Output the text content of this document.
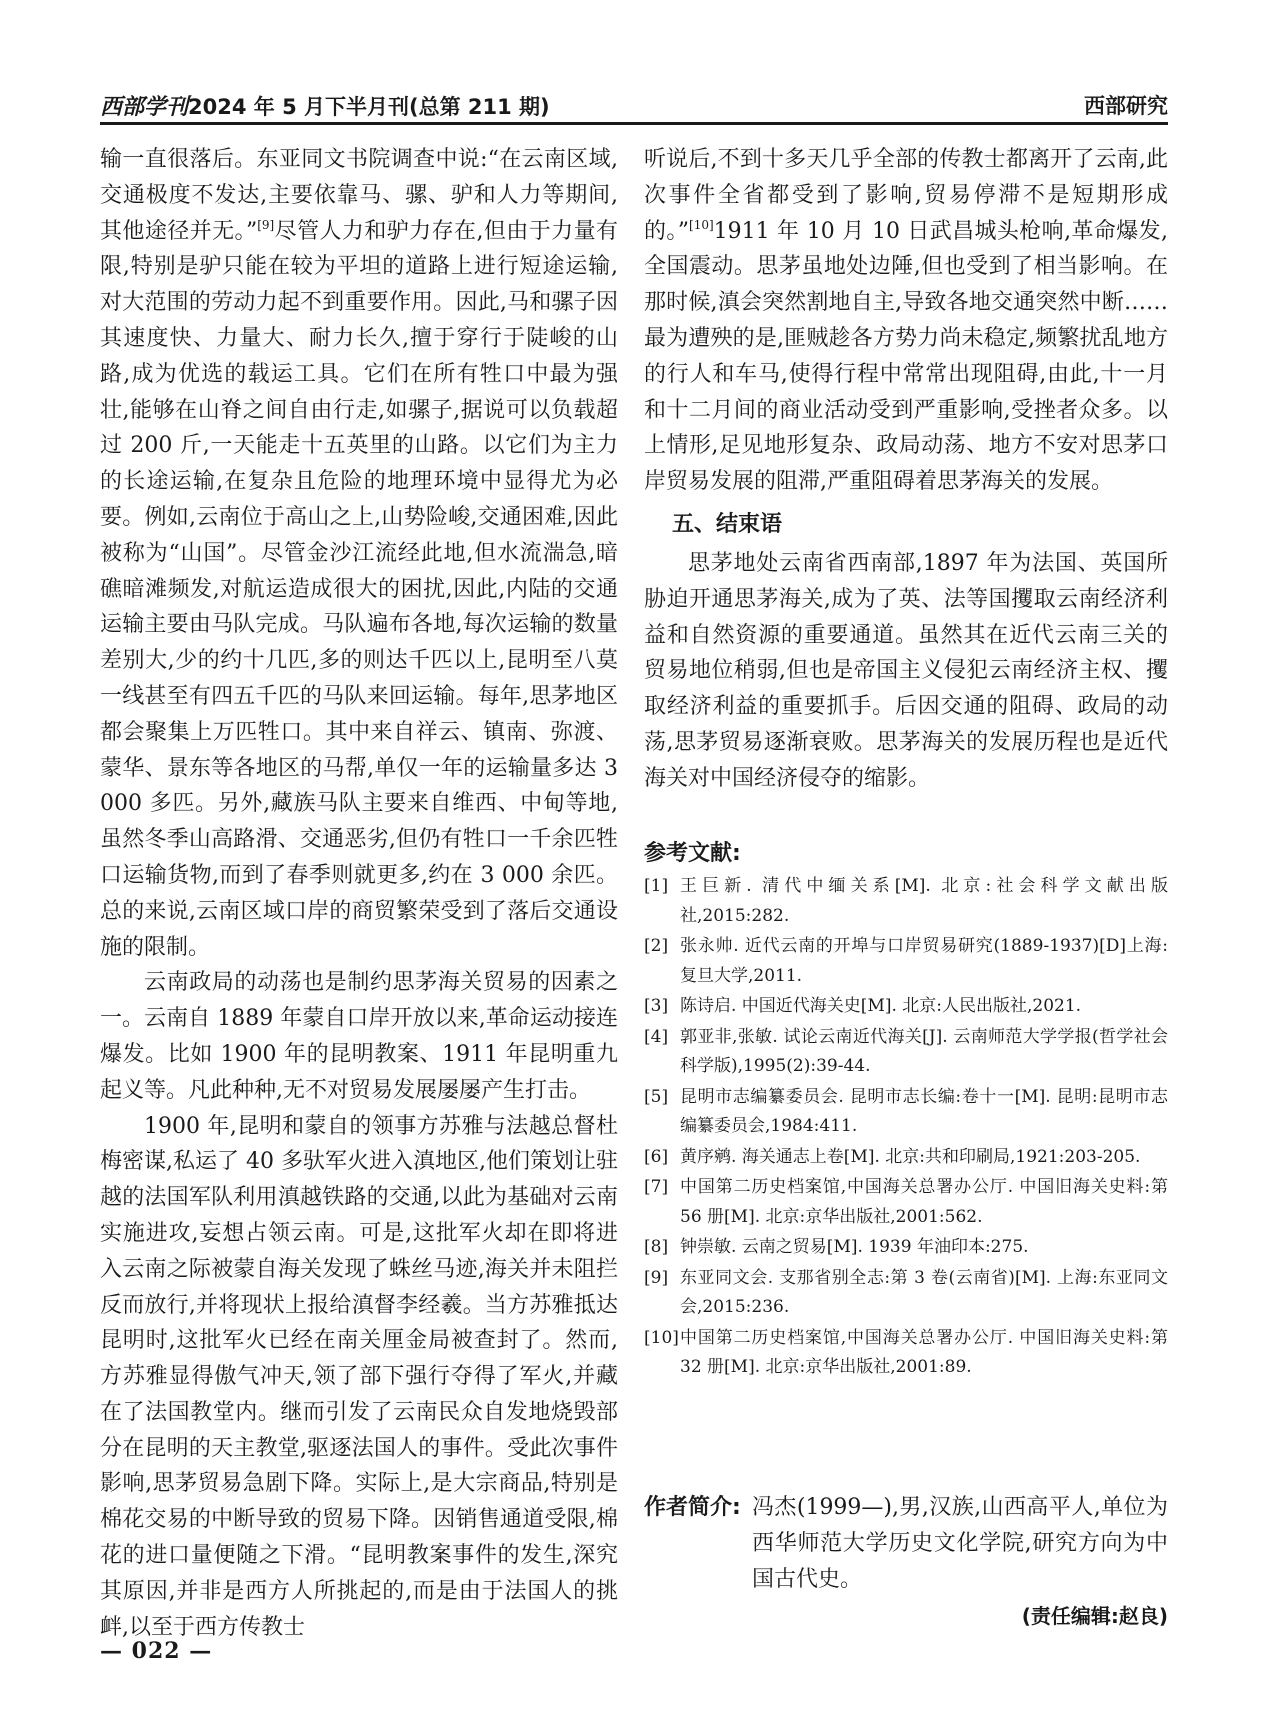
西部学刊2024 年 5 月下半月刊(总第 211 期)	西部研究

输一直很落后。东亚同文书院调查中说:“在云南区域,交通极度不发达,主要依靠马、骡、驴和人力等期间,其他途径并无。”[9]尽管人力和驴力存在,但由于力量有限,特别是驴只能在较为平坦的道路上进行短途运输,对大范围的劳动力起不到重要作用。因此,马和骡子因其速度快、力量大、耐力长久,擅于穿行于陡峻的山路,成为优选的载运工具。它们在所有牲口中最为强壮,能够在山脊之间自由行走,如骡子,据说可以负载超过 200 斤,一天能走十五英里的山路。以它们为主力的长途运输,在复杂且危险的地理环境中显得尤为必要。例如,云南位于高山之上,山势险峻,交通困难,因此被称为“山国”。尽管金沙江流经此地,但水流湍急,暗礁暗滩频发,对航运造成很大的困扰,因此,内陆的交通运输主要由马队完成。马队遍布各地,每次运输的数量差别大,少的约十几匹,多的则达千匹以上,昆明至八莫一线甚至有四五千匹的马队来回运输。每年,思茅地区都会聚集上万匹牲口。其中来自祥云、镇南、弥渡、蒙华、景东等各地区的马帮,单仅一年的运输量多达 3 000 多匹。另外,藏族马队主要来自维西、中甸等地,虽然冬季山高路滑、交通恶劣,但仍有牲口一千余匹牲口运输货物,而到了春季则就更多,约在 3 000 余匹。总的来说,云南区域口岸的商贸繁荣受到了落后交通设施的限制。

云南政局的动荡也是制约思茅海关贸易的因素之一。云南自 1889 年蒙自口岸开放以来,革命运动接连爆发。比如 1900 年的昆明教案、1911 年昆明重九起义等。凡此种种,无不对贸易发展屡屡产生打击。

1900 年,昆明和蒙自的领事方苏雅与法越总督杜梅密谋,私运了 40 多驮军火进入滇地区,他们策划让驻越的法国军队利用滇越铁路的交通,以此为基础对云南实施进攻,妄想占领云南。可是,这批军火却在即将进入云南之际被蒙自海关发现了蛛丝马迹,海关并未阻拦反而放行,并将现状上报给滇督李经羲。当方苏雅抵达昆明时,这批军火已经在南关厘金局被查封了。然而,方苏雅显得傲气冲天,领了部下强行夺得了军火,并藏在了法国教堂内。继而引发了云南民众自发地烧毁部分在昆明的天主教堂,驱逐法国人的事件。受此次事件影响,思茅贸易急剧下降。实际上,是大宗商品,特别是棉花交易的中断导致的贸易下降。因销售通道受限,棉花的进口量便随之下滑。“昆明教案事件的发生,深究其原因,并非是西方人所挑起的,而是由于法国人的挑衅,以至于西方传教士

听说后,不到十多天几乎全部的传教士都离开了云南,此次事件全省都受到了影响,贸易停滞不是短期形成的。”[10]1911 年 10 月 10 日武昌城头枪响,革命爆发,全国震动。思茅虽地处边陲,但也受到了相当影响。在那时候,滇会突然割地自主,导致各地交通突然中断……最为遭殃的是,匪贼趁各方势力尚未稳定,频繁扰乱地方的行人和车马,使得行程中常常出现阻碍,由此,十一月和十二月间的商业活动受到严重影响,受挫者众多。以上情形,足见地形复杂、政局动荡、地方不安对思茅口岸贸易发展的阻滞,严重阻碍着思茅海关的发展。

五、结束语

思茅地处云南省西南部,1897 年为法国、英国所胁迫开通思茅海关,成为了英、法等国攫取云南经济利益和自然资源的重要通道。虽然其在近代云南三关的贸易地位稍弱,但也是帝国主义侵犯云南经济主权、攫取经济利益的重要抓手。后因交通的阻碍、政局的动荡,思茅贸易逐渐衰败。思茅海关的发展历程也是近代海关对中国经济侵夺的缩影。

参考文献:
[1] 王巨新. 清代中缅关系[M]. 北京:社会科学文献出版社,2015:282.
[2] 张永帅. 近代云南的开埠与口岸贸易研究(1889-1937)[D]上海:复旦大学,2011.
[3] 陈诗启. 中国近代海关史[M]. 北京:人民出版社,2021.
[4] 郭亚非,张敏. 试论云南近代海关[J]. 云南师范大学学报(哲学社会科学版),1995(2):39-44.
[5] 昆明市志编纂委员会. 昆明市志长编:卷十一[M]. 昆明:昆明市志编纂委员会,1984:411.
[6] 黄序鹓. 海关通志上卷[M]. 北京:共和印刷局,1921:203-205.
[7] 中国第二历史档案馆,中国海关总署办公厅. 中国旧海关史料:第 56 册[M]. 北京:京华出版社,2001:562.
[8] 钟崇敏. 云南之贸易[M]. 1939 年油印本:275.
[9] 东亚同文会. 支那省别全志:第 3 卷(云南省)[M]. 上海:东亚同文会,2015:236.
[10] 中国第二历史档案馆,中国海关总署办公厅. 中国旧海关史料:第 32 册[M]. 北京:京华出版社,2001:89.
作者简介: 冯杰(1999—),男,汉族,山西高平人,单位为西华师范大学历史文化学院,研究方向为中国古代史。
(责任编辑:赵良)
— 022 —
